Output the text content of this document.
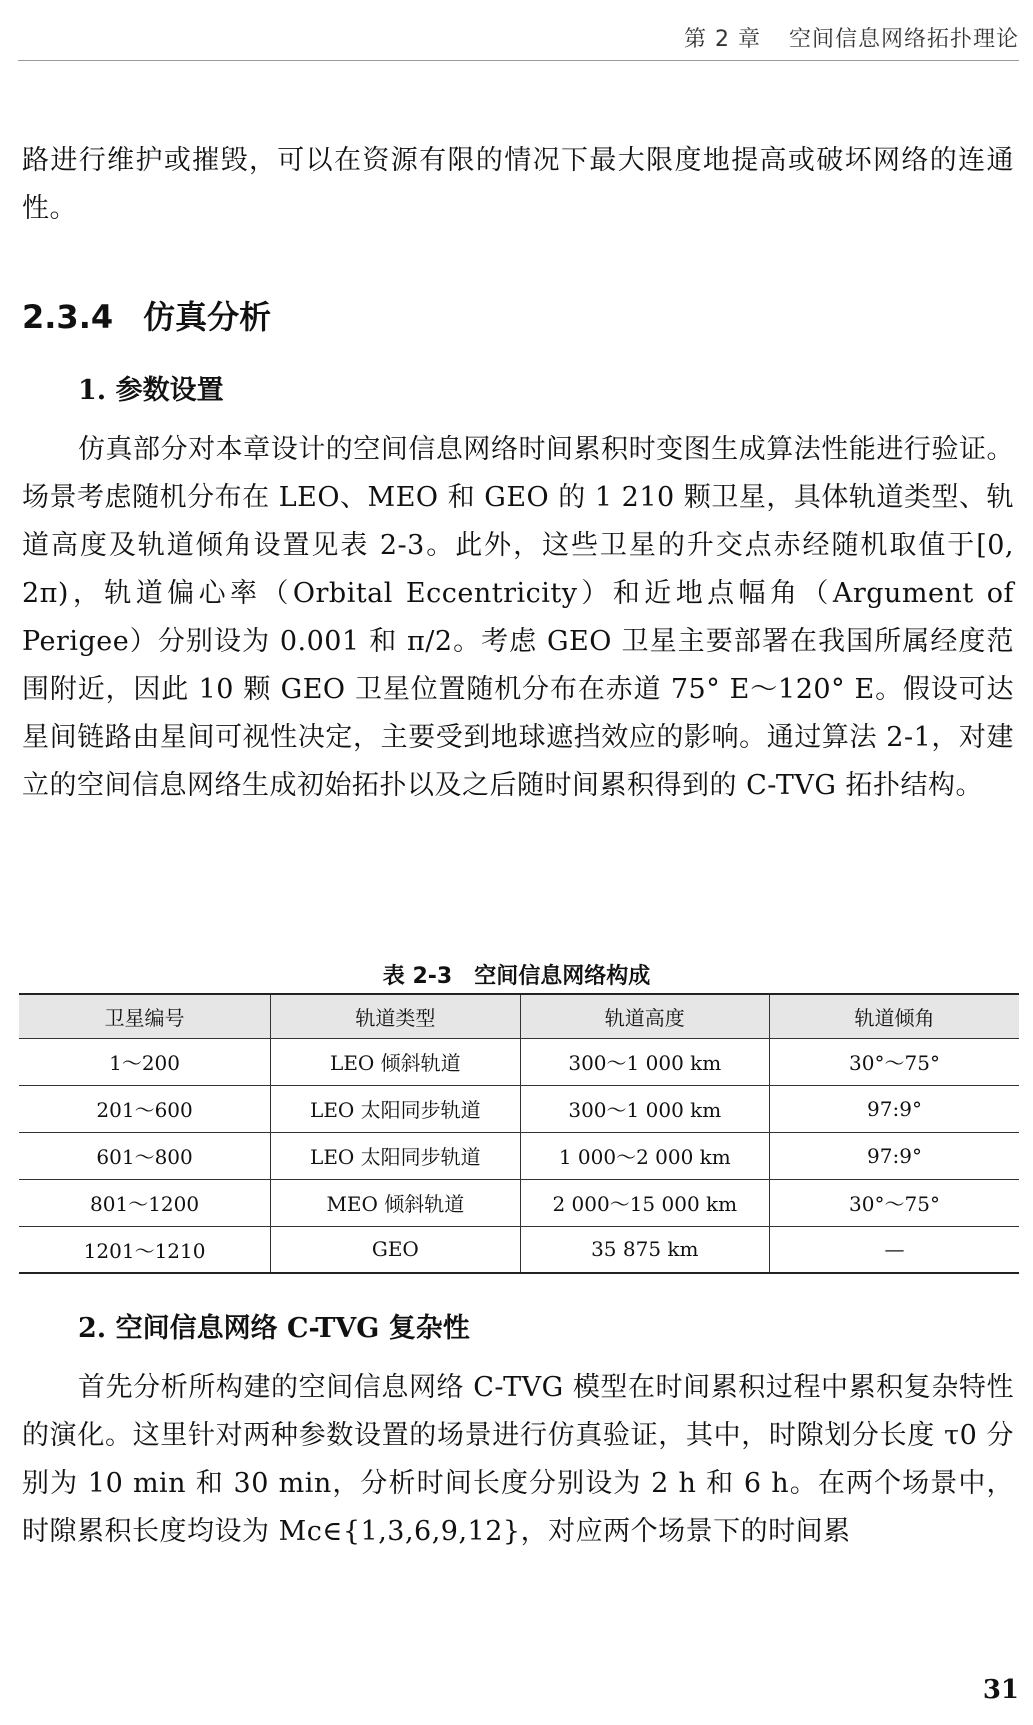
第 2 章 空间信息网络拓扑理论

路进行维护或摧毁，可以在资源有限的情况下最大限度地提高或破坏网络的连通性。

2.3.4 仿真分析
1. 参数设置

仿真部分对本章设计的空间信息网络时间累积时变图生成算法性能进行验证。场景考虑随机分布在 LEO、MEO 和 GEO 的 1 210 颗卫星，具体轨道类型、轨道高度及轨道倾角设置见表 2-3。此外，这些卫星的升交点赤经随机取值于[0, 2π)，轨道偏心率（Orbital Eccentricity）和近地点幅角（Argument of Perigee）分别设为 0.001 和 π/2。考虑 GEO 卫星主要部署在我国所属经度范围附近，因此 10 颗 GEO 卫星位置随机分布在赤道 75° E～120° E。假设可达星间链路由星间可视性决定，主要受到地球遮挡效应的影响。通过算法 2-1，对建立的空间信息网络生成初始拓扑以及之后随时间累积得到的 C-TVG 拓扑结构。

表 2-3 空间信息网络构成
卫星编号	轨道类型	轨道高度	轨道倾角
1～200	LEO 倾斜轨道	300～1 000 km	30°～75°
201～600	LEO 太阳同步轨道	300～1 000 km	97:9°
601～800	LEO 太阳同步轨道	1 000～2 000 km	97:9°
801～1200	MEO 倾斜轨道	2 000～15 000 km	30°～75°
1201～1210	GEO	35 875 km	—
2. 空间信息网络 C-TVG 复杂性

首先分析所构建的空间信息网络 C-TVG 模型在时间累积过程中累积复杂特性的演化。这里针对两种参数设置的场景进行仿真验证，其中，时隙划分长度 τ0 分别为 10 min 和 30 min，分析时间长度分别设为 2 h 和 6 h。在两个场景中，时隙累积长度均设为 Mc∈{1,3,6,9,12}，对应两个场景下的时间累

31
